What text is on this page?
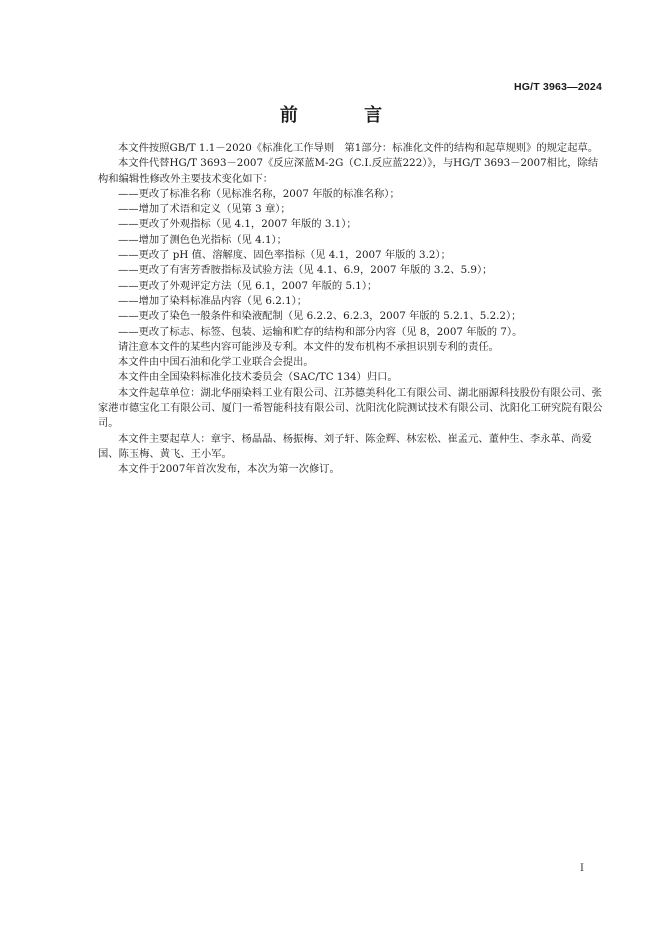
HG/T 3963—2024
前 言

本文件按照GB/T 1.1－2020《标准化工作导则　第1部分：标准化文件的结构和起草规则》的规定起草。

本文件代替HG/T 3693－2007《反应深蓝M-2G（C.I.反应蓝222）》，与HG/T 3693－2007相比，除结构和编辑性修改外主要技术变化如下：

——更改了标准名称（见标准名称，2007 年版的标准名称）；

——增加了术语和定义（见第 3 章）；

——更改了外观指标（见 4.1，2007 年版的 3.1）；

——增加了测色色光指标（见 4.1）；

——更改了 pH 值、溶解度、固色率指标（见 4.1，2007 年版的 3.2）；

——更改了有害芳香胺指标及试验方法（见 4.1、6.9，2007 年版的 3.2、5.9）；

——更改了外观评定方法（见 6.1，2007 年版的 5.1）；

——增加了染料标准品内容（见 6.2.1）；

——更改了染色一般条件和染液配制（见 6.2.2、6.2.3，2007 年版的 5.2.1、5.2.2）；

——更改了标志、标签、包装、运输和贮存的结构和部分内容（见 8，2007 年版的 7）。

请注意本文件的某些内容可能涉及专利。本文件的发布机构不承担识别专利的责任。

本文件由中国石油和化学工业联合会提出。

本文件由全国染料标准化技术委员会（SAC/TC 134）归口。

本文件起草单位：湖北华丽染料工业有限公司、江苏德美科化工有限公司、湖北丽源科技股份有限公司、张家港市德宝化工有限公司、厦门一希智能科技有限公司、沈阳沈化院测试技术有限公司、沈阳化工研究院有限公司。

本文件主要起草人：章宇、杨晶晶、杨振梅、刘子轩、陈金辉、林宏松、崔孟元、董仲生、李永革、尚爱国、陈玉梅、黄飞、王小军。

本文件于2007年首次发布，本次为第一次修订。

I
